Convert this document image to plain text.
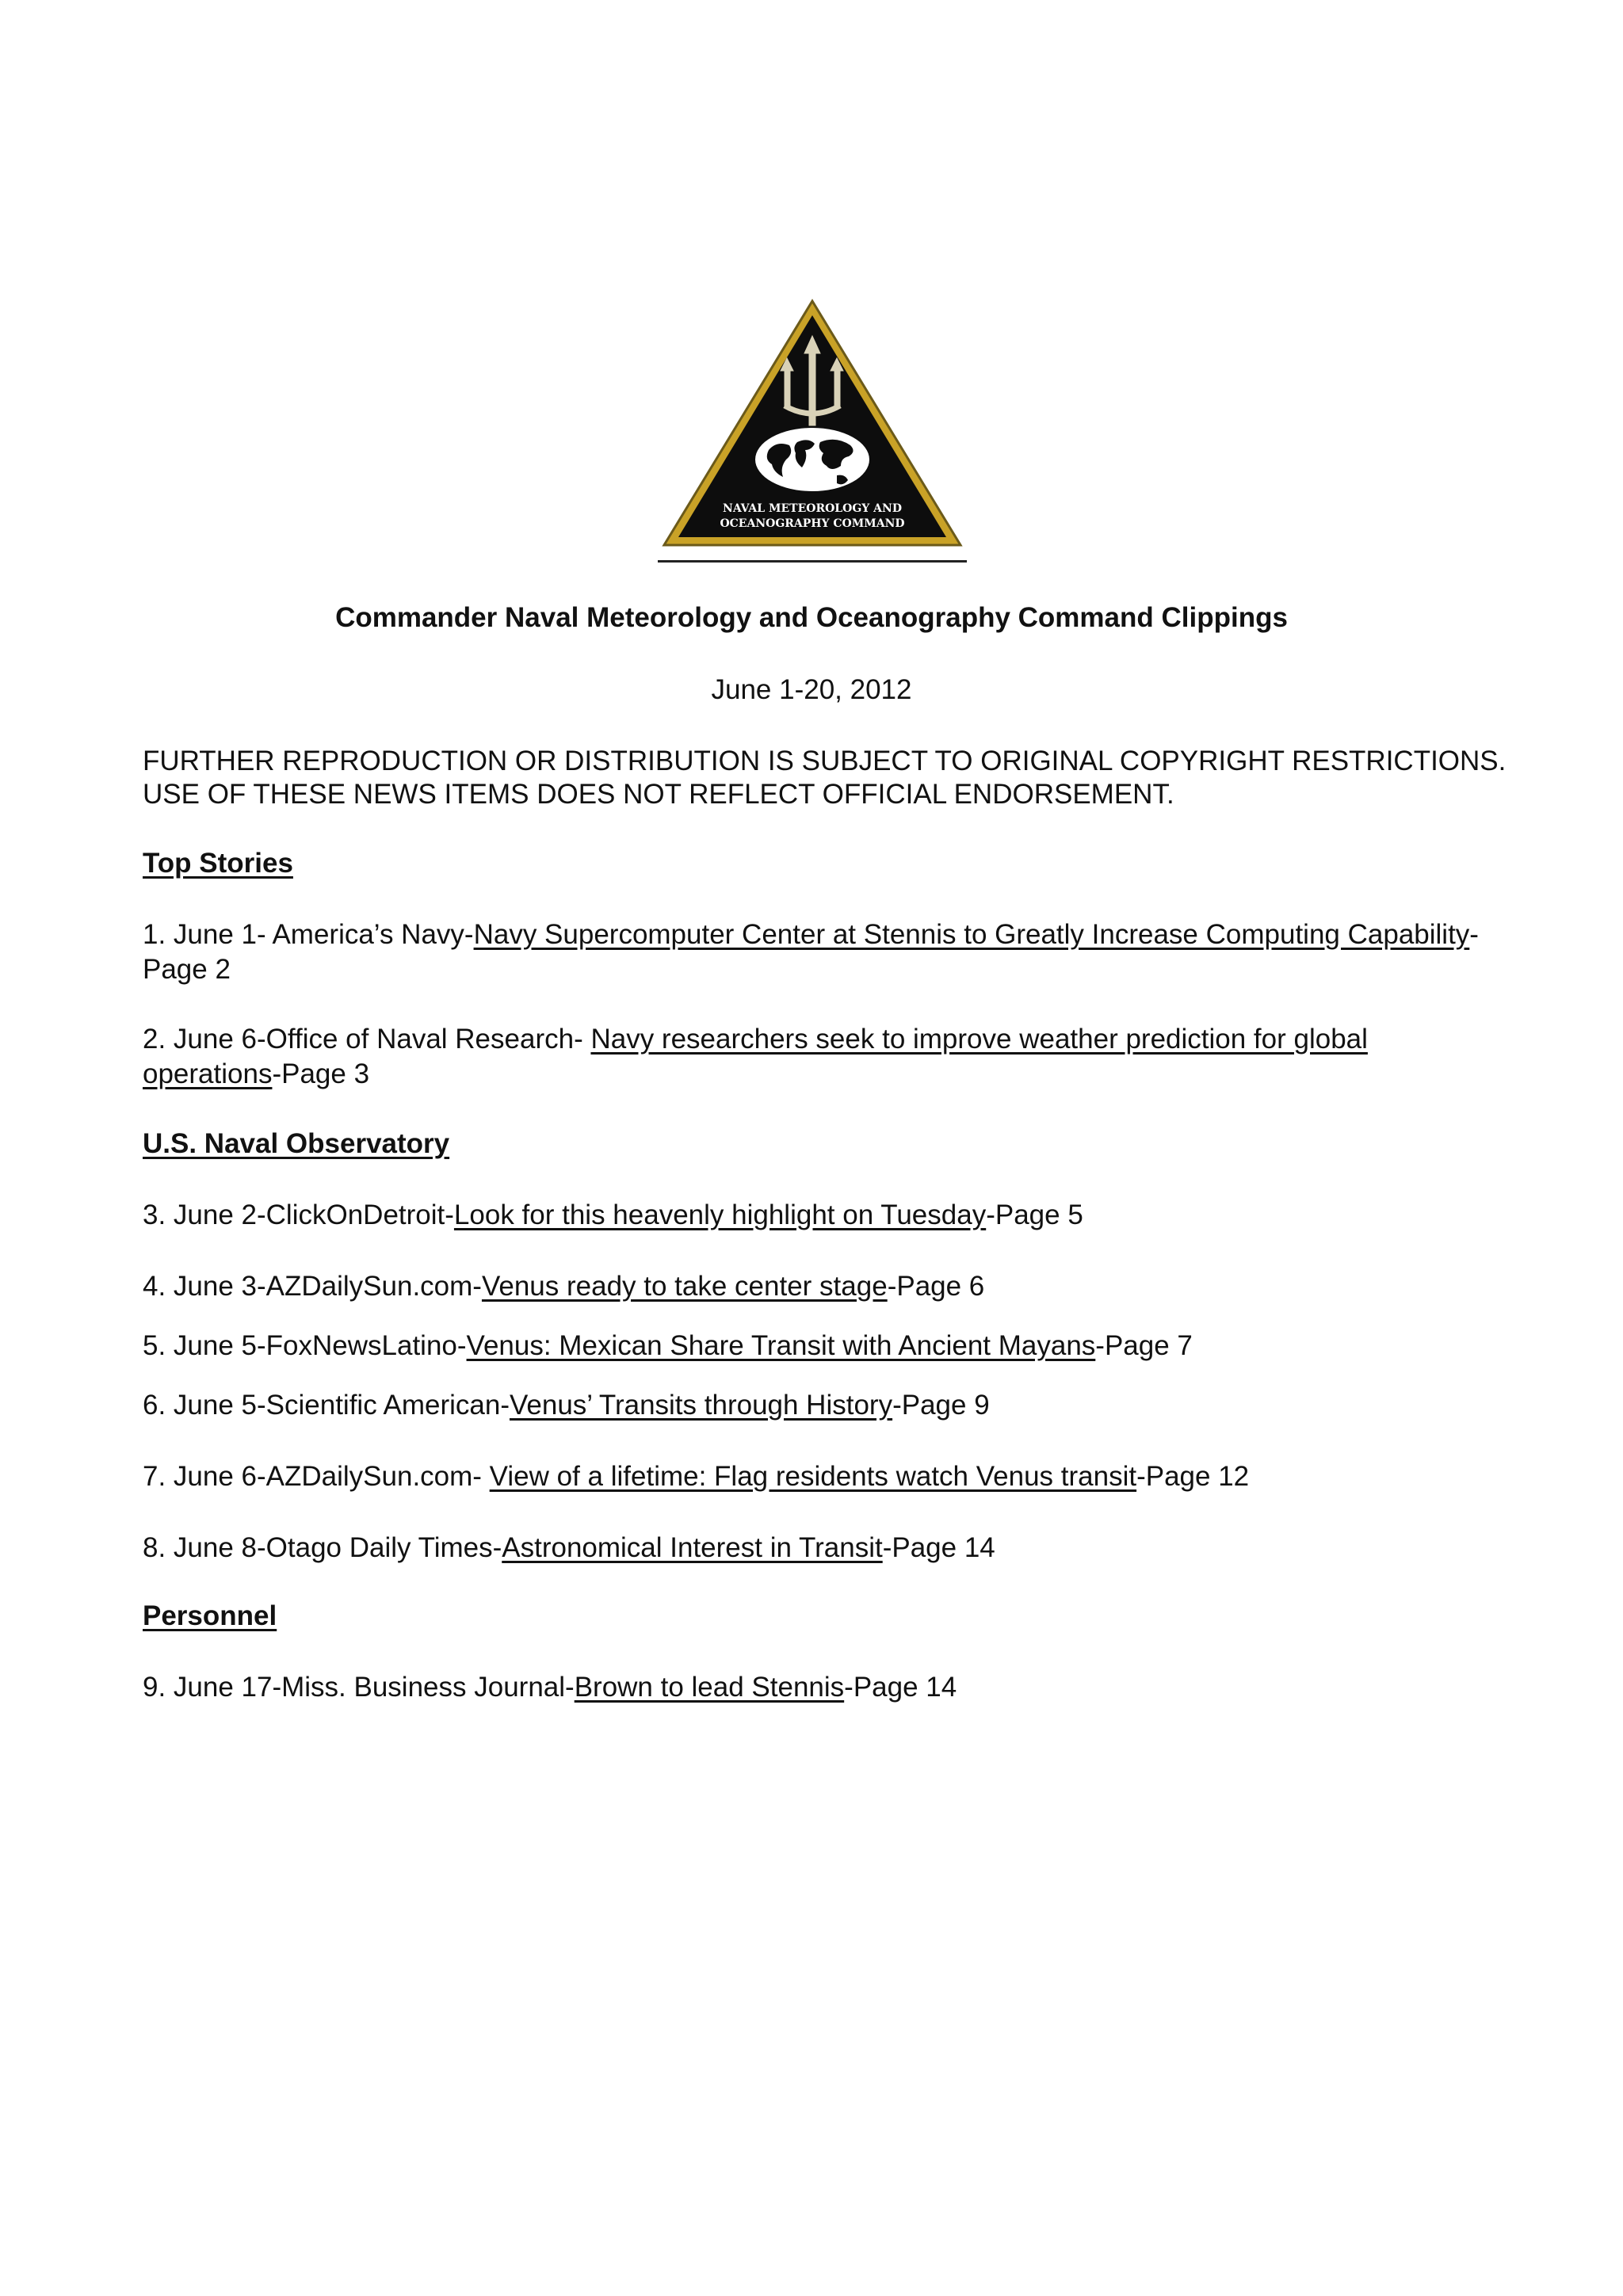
NAVAL METEOROLOGY AND
OCEANOGRAPHY COMMAND
Commander Naval Meteorology and Oceanography Command Clippings
June 1-20, 2012
FURTHER REPRODUCTION OR DISTRIBUTION IS SUBJECT TO ORIGINAL COPYRIGHT RESTRICTIONS. USE OF THESE NEWS ITEMS DOES NOT REFLECT OFFICIAL ENDORSEMENT.
Top Stories
1. June 1- America’s Navy-Navy Supercomputer Center at Stennis to Greatly Increase Computing Capability-Page 2
2. June 6-Office of Naval Research- Navy researchers seek to improve weather prediction for global operations-Page 3
U.S. Naval Observatory
3. June 2-ClickOnDetroit-Look for this heavenly highlight on Tuesday-Page 5
4. June 3-AZDailySun.com-Venus ready to take center stage-Page 6
5. June 5-FoxNewsLatino-Venus: Mexican Share Transit with Ancient Mayans-Page 7
6. June 5-Scientific American-Venus’ Transits through History-Page 9
7. June 6-AZDailySun.com- View of a lifetime: Flag residents watch Venus transit-Page 12
8. June 8-Otago Daily Times-Astronomical Interest in Transit-Page 14
Personnel
9. June 17-Miss. Business Journal-Brown to lead Stennis-Page 14
